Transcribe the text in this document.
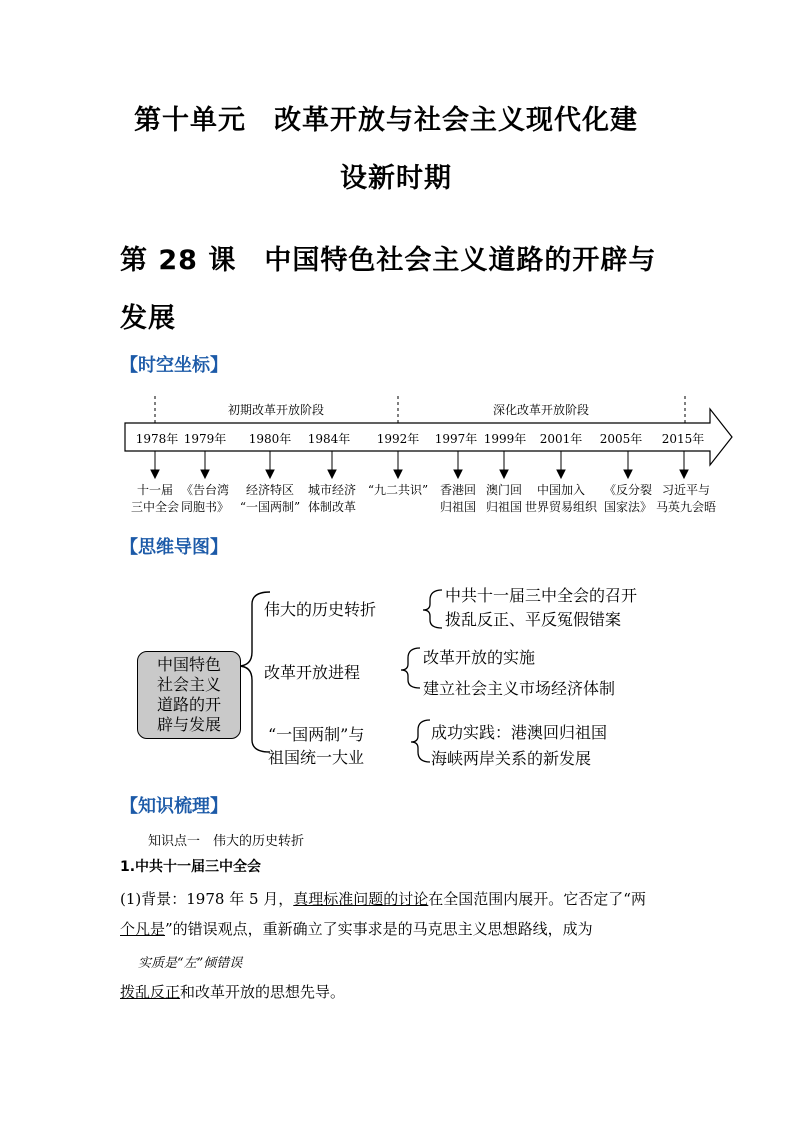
第十单元　改革开放与社会主义现代化建
设新时期
第 28 课　中国特色社会主义道路的开辟与
发展
【时空坐标】
初期改革开放阶段	深化改革开放阶段
1978年 1979年 1980年 1984年 1992年 1997年 1999年 2001年 2005年 2015年
十一届
三中全会
《告台湾
同胞书》
经济特区
“一国两制”
城市经济
体制改革
“九二共识” 香港回
归祖国
澳门回
归祖国
中国加入
世界贸易组织
《反分裂
国家法》
习近平与
马英九会晤
【思维导图】
中国特色
社会主义
道路的开
辟与发展
伟大的历史转折
中共十一届三中全会的召开
拨乱反正、平反冤假错案
改革开放进程
改革开放的实施
建立社会主义市场经济体制
“一国两制”与
祖国统一大业
成功实践：港澳回归祖国
海峡两岸关系的新发展
【知识梳理】
知识点一　伟大的历史转折
1.中共十一届三中全会
(1)背景：1978 年 5 月，真理标准问题的讨论在全国范围内展开。它否定了“两
个凡是”的错误观点，重新确立了实事求是的马克思主义思想路线，成为
实质是“左”倾错误
拨乱反正和改革开放的思想先导。
